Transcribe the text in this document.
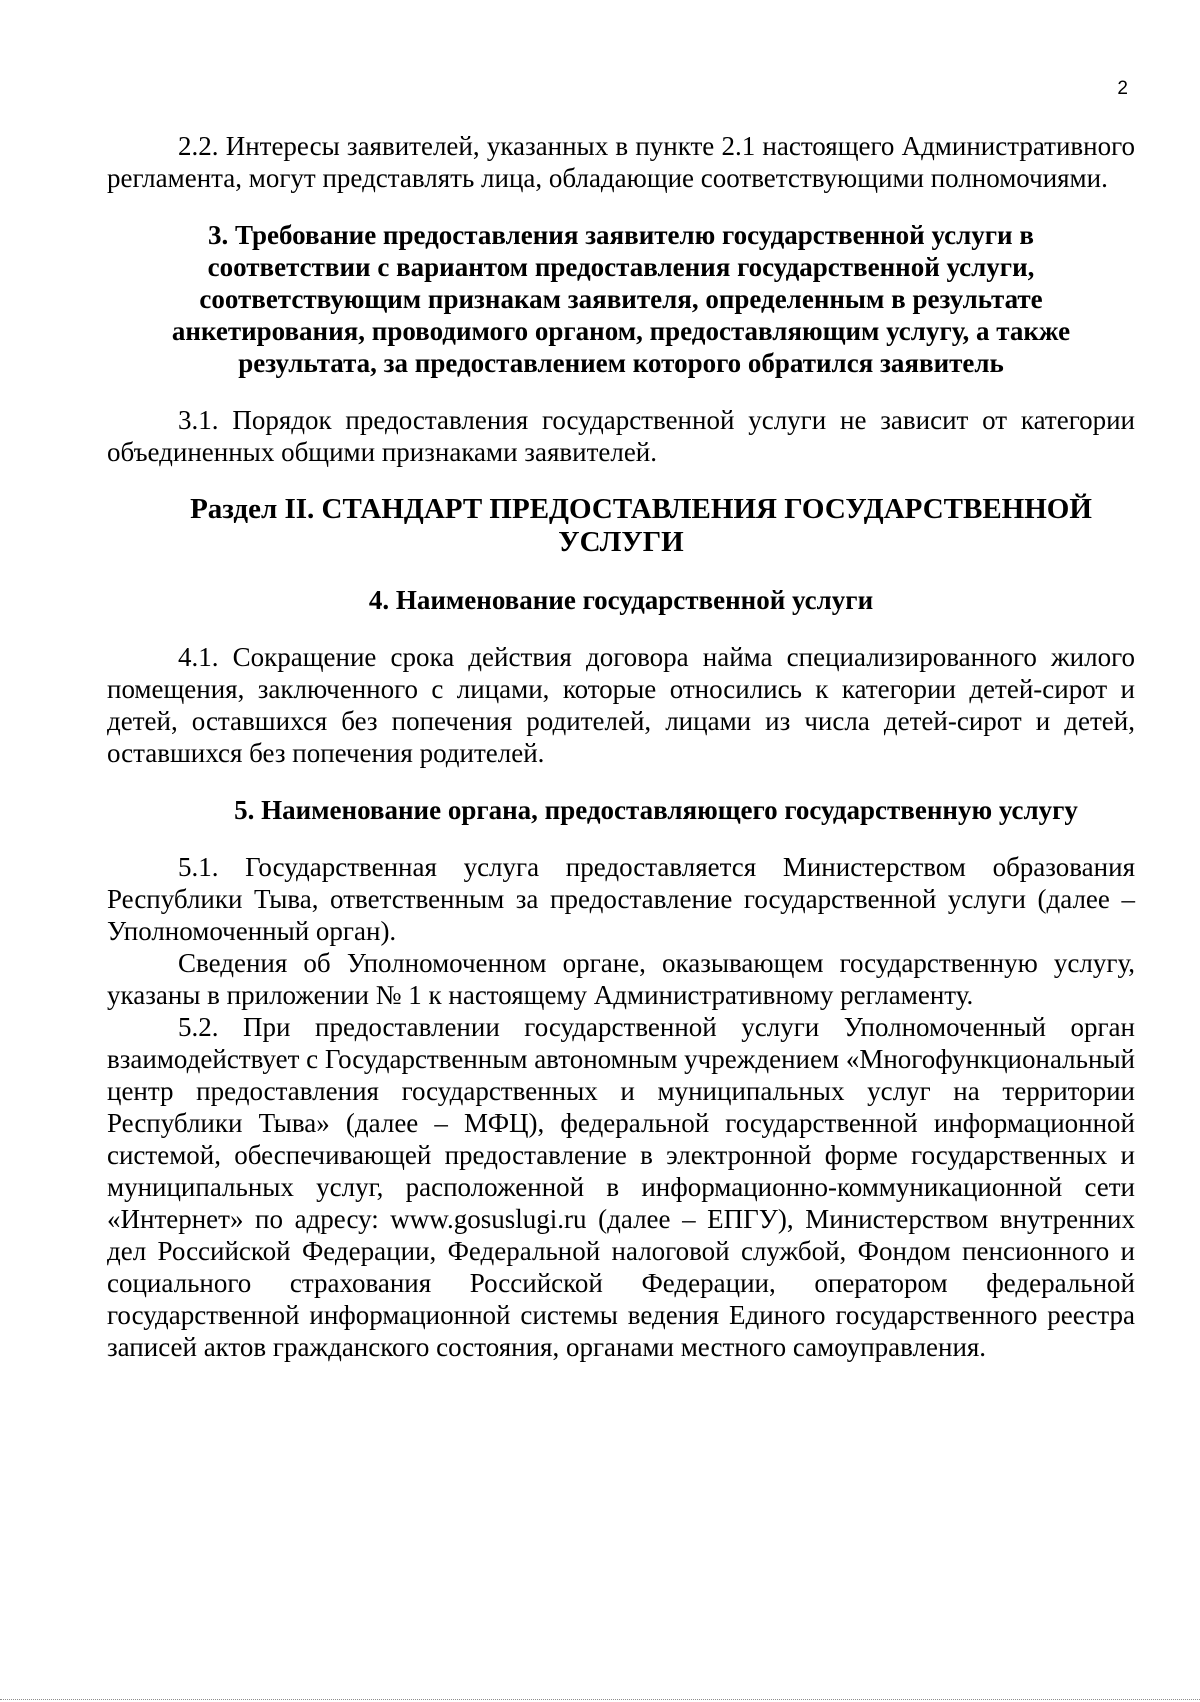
2

2.2. Интересы заявителей, указанных в пункте 2.1 настоящего Административного регламента, могут представлять лица, обладающие соответствующими полномочиями.

3. Требование предоставления заявителю государственной услуги в соответствии с вариантом предоставления государственной услуги, соответствующим признакам заявителя, определенным в результате анкетирования, проводимого органом, предоставляющим услугу, а также результата, за предоставлением которого обратился заявитель

3.1. Порядок предоставления государственной услуги не зависит от категории объединенных общими признаками заявителей.

Раздел II. СТАНДАРТ ПРЕДОСТАВЛЕНИЯ ГОСУДАРСТВЕННОЙ

УСЛУГИ

4. Наименование государственной услуги

4.1. Сокращение срока действия договора найма специализированного жилого помещения, заключенного с лицами, которые относились к категории детей-сирот и детей, оставшихся без попечения родителей, лицами из числа детей-сирот и детей, оставшихся без попечения родителей.

5. Наименование органа, предоставляющего государственную услугу

5.1. Государственная услуга предоставляется Министерством образования Республики Тыва, ответственным за предоставление государственной услуги (далее – Уполномоченный орган).

Сведения об Уполномоченном органе, оказывающем государственную услугу, указаны в приложении № 1 к настоящему Административному регламенту.

5.2. При предоставлении государственной услуги Уполномоченный орган взаимодействует с Государственным автономным учреждением «Многофункциональный центр предоставления государственных и муниципальных услуг на территории Республики Тыва» (далее – МФЦ), федеральной государственной информационной системой, обеспечивающей предоставление в электронной форме государственных и муниципальных услуг, расположенной в информационно-коммуникационной сети «Интернет» по адресу: www.gosuslugi.ru (далее – ЕПГУ), Министерством внутренних дел Российской Федерации, Федеральной налоговой службой, Фондом пенсионного и социального страхования Российской Федерации, оператором федеральной государственной информационной системы ведения Единого государственного реестра записей актов гражданского состояния, органами местного самоуправления.
